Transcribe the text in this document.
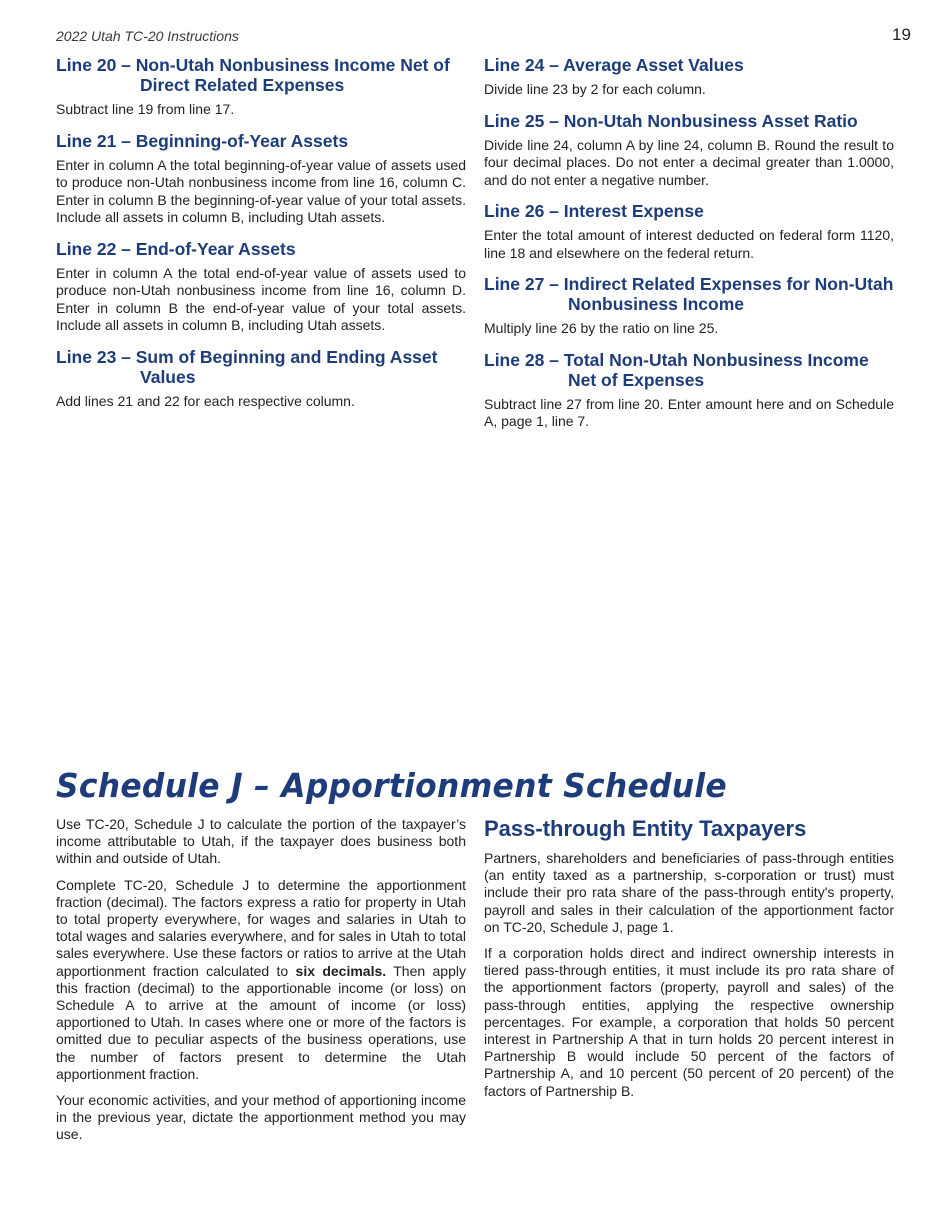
2022 Utah TC-20 Instructions	19
Line 20 – Non-Utah Nonbusiness Income Net of Direct Related Expenses

Subtract line 19 from line 17.

Line 21 – Beginning-of-Year Assets

Enter in column A the total beginning-of-year value of assets used to produce non-Utah nonbusiness income from line 16, column C. Enter in column B the beginning-of-year value of your total assets. Include all assets in column B, including Utah assets.

Line 22 – End-of-Year Assets

Enter in column A the total end-of-year value of assets used to produce non-Utah nonbusiness income from line 16, column D. Enter in column B the end-of-year value of your total assets. Include all assets in column B, including Utah assets.

Line 23 – Sum of Beginning and Ending Asset Values

Add lines 21 and 22 for each respective column.

Line 24 – Average Asset Values

Divide line 23 by 2 for each column.

Line 25 – Non-Utah Nonbusiness Asset Ratio

Divide line 24, column A by line 24, column B. Round the result to four decimal places. Do not enter a decimal greater than 1.0000, and do not enter a negative number.

Line 26 – Interest Expense

Enter the total amount of interest deducted on federal form 1120, line 18 and elsewhere on the federal return.

Line 27 – Indirect Related Expenses for Non-Utah Nonbusiness Income

Multiply line 26 by the ratio on line 25.

Line 28 – Total Non-Utah Nonbusiness Income Net of Expenses

Subtract line 27 from line 20. Enter amount here and on Schedule A, page 1, line 7.

Schedule J – Apportionment Schedule

Use TC-20, Schedule J to calculate the portion of the taxpayer’s income attributable to Utah, if the taxpayer does business both within and outside of Utah.

Complete TC-20, Schedule J to determine the apportionment fraction (decimal). The factors express a ratio for property in Utah to total property everywhere, for wages and salaries in Utah to total wages and salaries everywhere, and for sales in Utah to total sales everywhere. Use these factors or ratios to arrive at the Utah apportionment fraction calculated to six decimals. Then apply this fraction (decimal) to the apportionable income (or loss) on Schedule A to arrive at the amount of income (or loss) apportioned to Utah. In cases where one or more of the factors is omitted due to peculiar aspects of the business operations, use the number of factors present to determine the Utah apportionment fraction.

Your economic activities, and your method of apportioning income in the previous year, dictate the apportionment method you may use.

Pass-through Entity Taxpayers

Partners, shareholders and beneficiaries of pass-through entities (an entity taxed as a partnership, s-corporation or trust) must include their pro rata share of the pass-through entity's property, payroll and sales in their calculation of the apportionment factor on TC-20, Schedule J, page 1.

If a corporation holds direct and indirect ownership interests in tiered pass-through entities, it must include its pro rata share of the apportionment factors (property, payroll and sales) of the pass-through entities, applying the respective ownership percentages. For example, a corporation that holds 50 percent interest in Partnership A that in turn holds 20 percent interest in Partnership B would include 50 percent of the factors of Partnership A, and 10 percent (50 percent of 20 percent) of the factors of Partnership B.
